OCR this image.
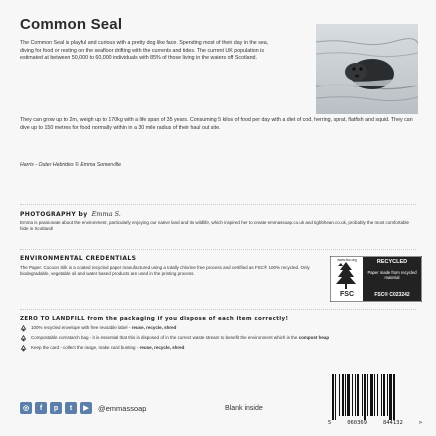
Common Seal
The Common Seal is playful and curious with a pretty dog like face. Spending most of their day in the sea, diving for food or resting on the seafloor drifting with the currents and tides. The current UK population is estimated at between 50,000 to 60,000 individuals with 85% of those living in the waters off Scotland.
They can grow up to 2m, weigh up to 170kg with a life span of 35 years. Consuming 5 kilos of food per day with a diet of cod, herring, sprat, flatfish and squid. They can dive up to 150 metres for food normally within in a 30 mile radius of their haul out site.
Harris - Outer Hebrides © Emma Somerville
PHOTOGRAPHY by Emma S.
Emma is passionate about the environment, particularly enjoying our native land and its wildlife, which inspired her to create emmassoap.co.uk and tighbhean.co.uk, probably the most comfortable hide in Scotland!
ENVIRONMENTAL CREDENTIALS
The Paper: Cocoon Silk is a coated recycled paper manufactured using a totally chlorine free process and certified as FSC® 100% recycled. Only biodegradable, vegetable oil and water based products are used in the printing process.
RECYCLED
Paper made from recycled material
FSC® C023242
FSC
www.fsc.org
ZERO TO LANDFILL from the packaging if you dispose of each item correctly!
100% recycled envelope with free reusable label - reuse, recycle, shred
Compostable cornstarch bag - it is essential that this is disposed of in the correct waste stream to benefit the environment which is the compost heap
Keep the card - collect the range, make card bunting - reuse, recycle, shred
◎	f	p	t	▶	@emmassoap	Blank inside
5	060369	844132	>
